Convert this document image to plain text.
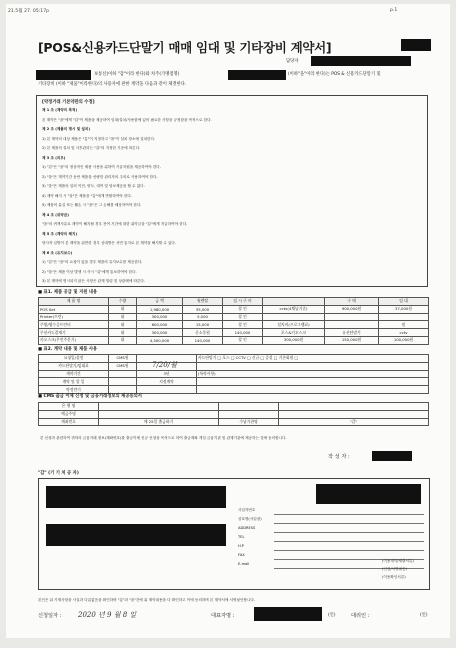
21.5월 27. 05:17p	p.1
[POS&신용카드단말기 매매 임대 및 기타장비 계약서]
담당자
보통신(이하 "갑"이라 한다)와 차주(가맹점명)	(이하"을"이라 한다)는 POS & 신용카드단말기 및
기타장비 (이하 "제품"이라한다)의 사용자에 관한 계약을 다음과 같이 체결한다.
[약정거래 기본약관의 수정]
제 1 조 (계약의 목적)
본 계약은 "을"에게 "갑"이 제품을 제공하여 임대/설치/사용함에 있어 필요한 사항을 규정함을 목적으로 한다.
제 2 조 (제품의 명시 및 설치)
1) 본 계약의 대상 제품은 "갑"이 지정하고 "을"이 설치 장소에 설치한다.
2) 본 제품의 설치 및 사후관리는 "갑"의 지정한 기준에 따른다.
제 3 조 (의무)
1) "갑"은 "을"의 정상적인 제품 사용을 위하여 기술지원을 제공하여야 한다.
2) "을"은 계약기간 동안 제품을 선량한 관리자의 주의로 사용하여야 한다.
3) "을"은 제품의 임의 이전, 양도, 대여 및 담보제공을 할 수 없다.
4) 계약 해지 시 "을"은 제품을 "갑"에게 반환하여야 한다.
5) 제품의 분실 또는 훼손 시 "을"은 그 손해를 배상하여야 한다.
제 4 조 (위약금)
"을"의 귀책사유로 계약이 해지될 경우 잔여 기간에 대한 위약금을 "갑"에게 지급하여야 한다.
제 5 조 (계약의 해지)
당사자 일방이 본 계약을 위반한 경우 상대방은 서면 통지로 본 계약을 해지할 수 있다.
제 6 조 (유지보수)
1) "갑"은 "을"의 요청이 있을 경우 제품의 유지보수를 제공한다.
2) "을"은 제품 이상 발생 시 즉시 "갑"에게 통보하여야 한다.
3) 본 계약에 명시되지 않은 사항은 관계 법령 및 상관례에 따른다.
■ 표1. 제품 공급 및 지원 내용
제 품 명	수량	금 액	월렌탈	임 시 구 비		구 매	임 대
POS Set	대	1,980,000	35,000	할 인	cctv(4채널기준)	900,000원	37,000원
Printer(프린)	대	300,000	5,000	할 인			
주방/영수증프린터	대	600,000	15,000	할 인	설치비(프로그램료)		원
무선카드결제기	대	300,000	중소후원	140,000	포스&키오스크	유선단말기	cctv
키오스크(무인주문기)	대	4,500,000	140,000	할 인	300,000원	150,000원	100,000원
■ 표2. 계약 내용 및 제품 사용
요청일/결정	CMS원		카드단말기 □ 포스 □ CCTV □ 신규 □ 증설 □ 기존회원 □
카드단말기/임대료	CMS원		
계약기간		3년	(특약사항)
계약 및 할 일		지정계약	
약정만기			
7/20/월
■ CMS 출금 이체 신청 및 금융거래정보의 제공동의서
은 행 명			
예금주명			
계좌번호	매 25일 출금하기	수납기관명	"갑"
본 신청과 관련하여 귀하의 금융거래 정보(계좌번호)를 출금이체 신규 신청을 목적으로 하여 출금계좌 개설 금융기관 및 관계기관에 제공하는 것에 동의합니다.
작 성 자 :
"갑" (기 기 처 공 자)
사업자번호
상호명(사업장)
ADDRESS
TEL
H.P
FAX
E-mail
(이용계약/제출서류)
(인감/서명필증)
(이용확인서류)
본인은 위 기재사항을 사실과 다름없음을 확인하며 "갑"과 "을"간에 위 계약내용을 다 확인하고 이에 동의하며 본 계약서에 서명날인합니다.
신청일자 : 2020 년 9 월 8 일	대표자명 :	(인)	대리인 :	(인)
